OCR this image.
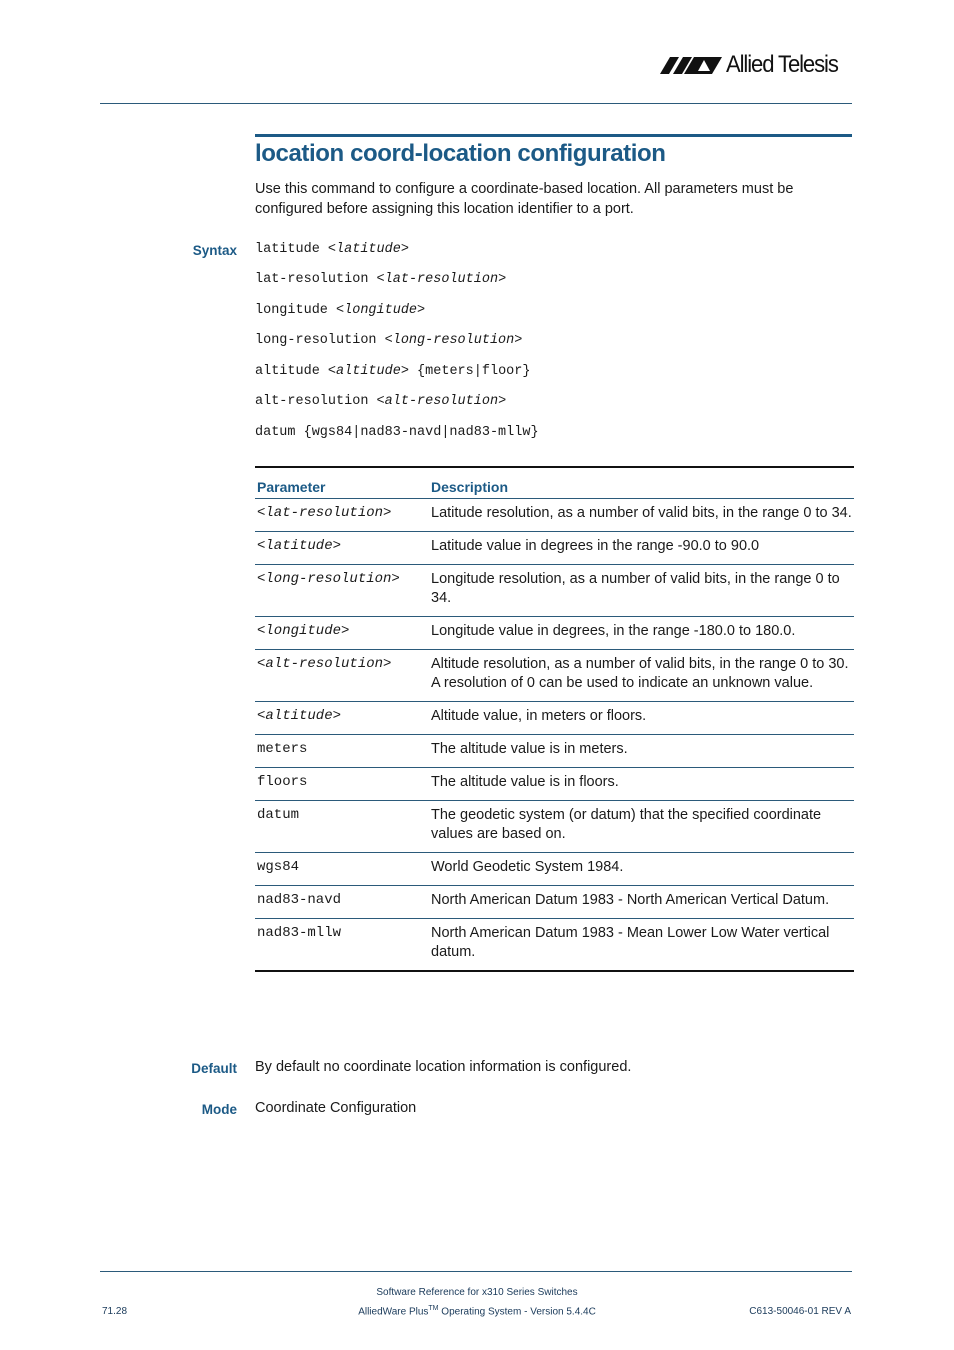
Allied Telesis
location coord-location configuration

Use this command to configure a coordinate-based location. All parameters must be configured before assigning this location identifier to a port.

Syntax latitude <latitude>
lat-resolution <lat-resolution>
longitude <longitude>
long-resolution <long-resolution>
altitude <altitude> {meters|floor}
alt-resolution <alt-resolution>
datum {wgs84|nad83-navd|nad83-mllw}
Parameter	Description
<lat-resolution>	Latitude resolution, as a number of valid bits, in the range 0 to 34.
<latitude>	Latitude value in degrees in the range -90.0 to 90.0
<long-resolution>	Longitude resolution, as a number of valid bits, in the range 0 to 34.
<longitude>	Longitude value in degrees, in the range -180.0 to 180.0.
<alt-resolution>	Altitude resolution, as a number of valid bits, in the range 0 to 30. A resolution of 0 can be used to indicate an unknown value.
<altitude>	Altitude value, in meters or floors.
meters	The altitude value is in meters.
floors	The altitude value is in floors.
datum	The geodetic system (or datum) that the specified coordinate values are based on.
wgs84	World Geodetic System 1984.
nad83-navd	North American Datum 1983 - North American Vertical Datum.
nad83-mllw	North American Datum 1983 - Mean Lower Low Water vertical datum.
Default By default no coordinate location information is configured.
Mode Coordinate Configuration
Software Reference for x310 Series Switches
AlliedWare Plus™ Operating System - Version 5.4.4C
71.28	C613-50046-01 REV A
